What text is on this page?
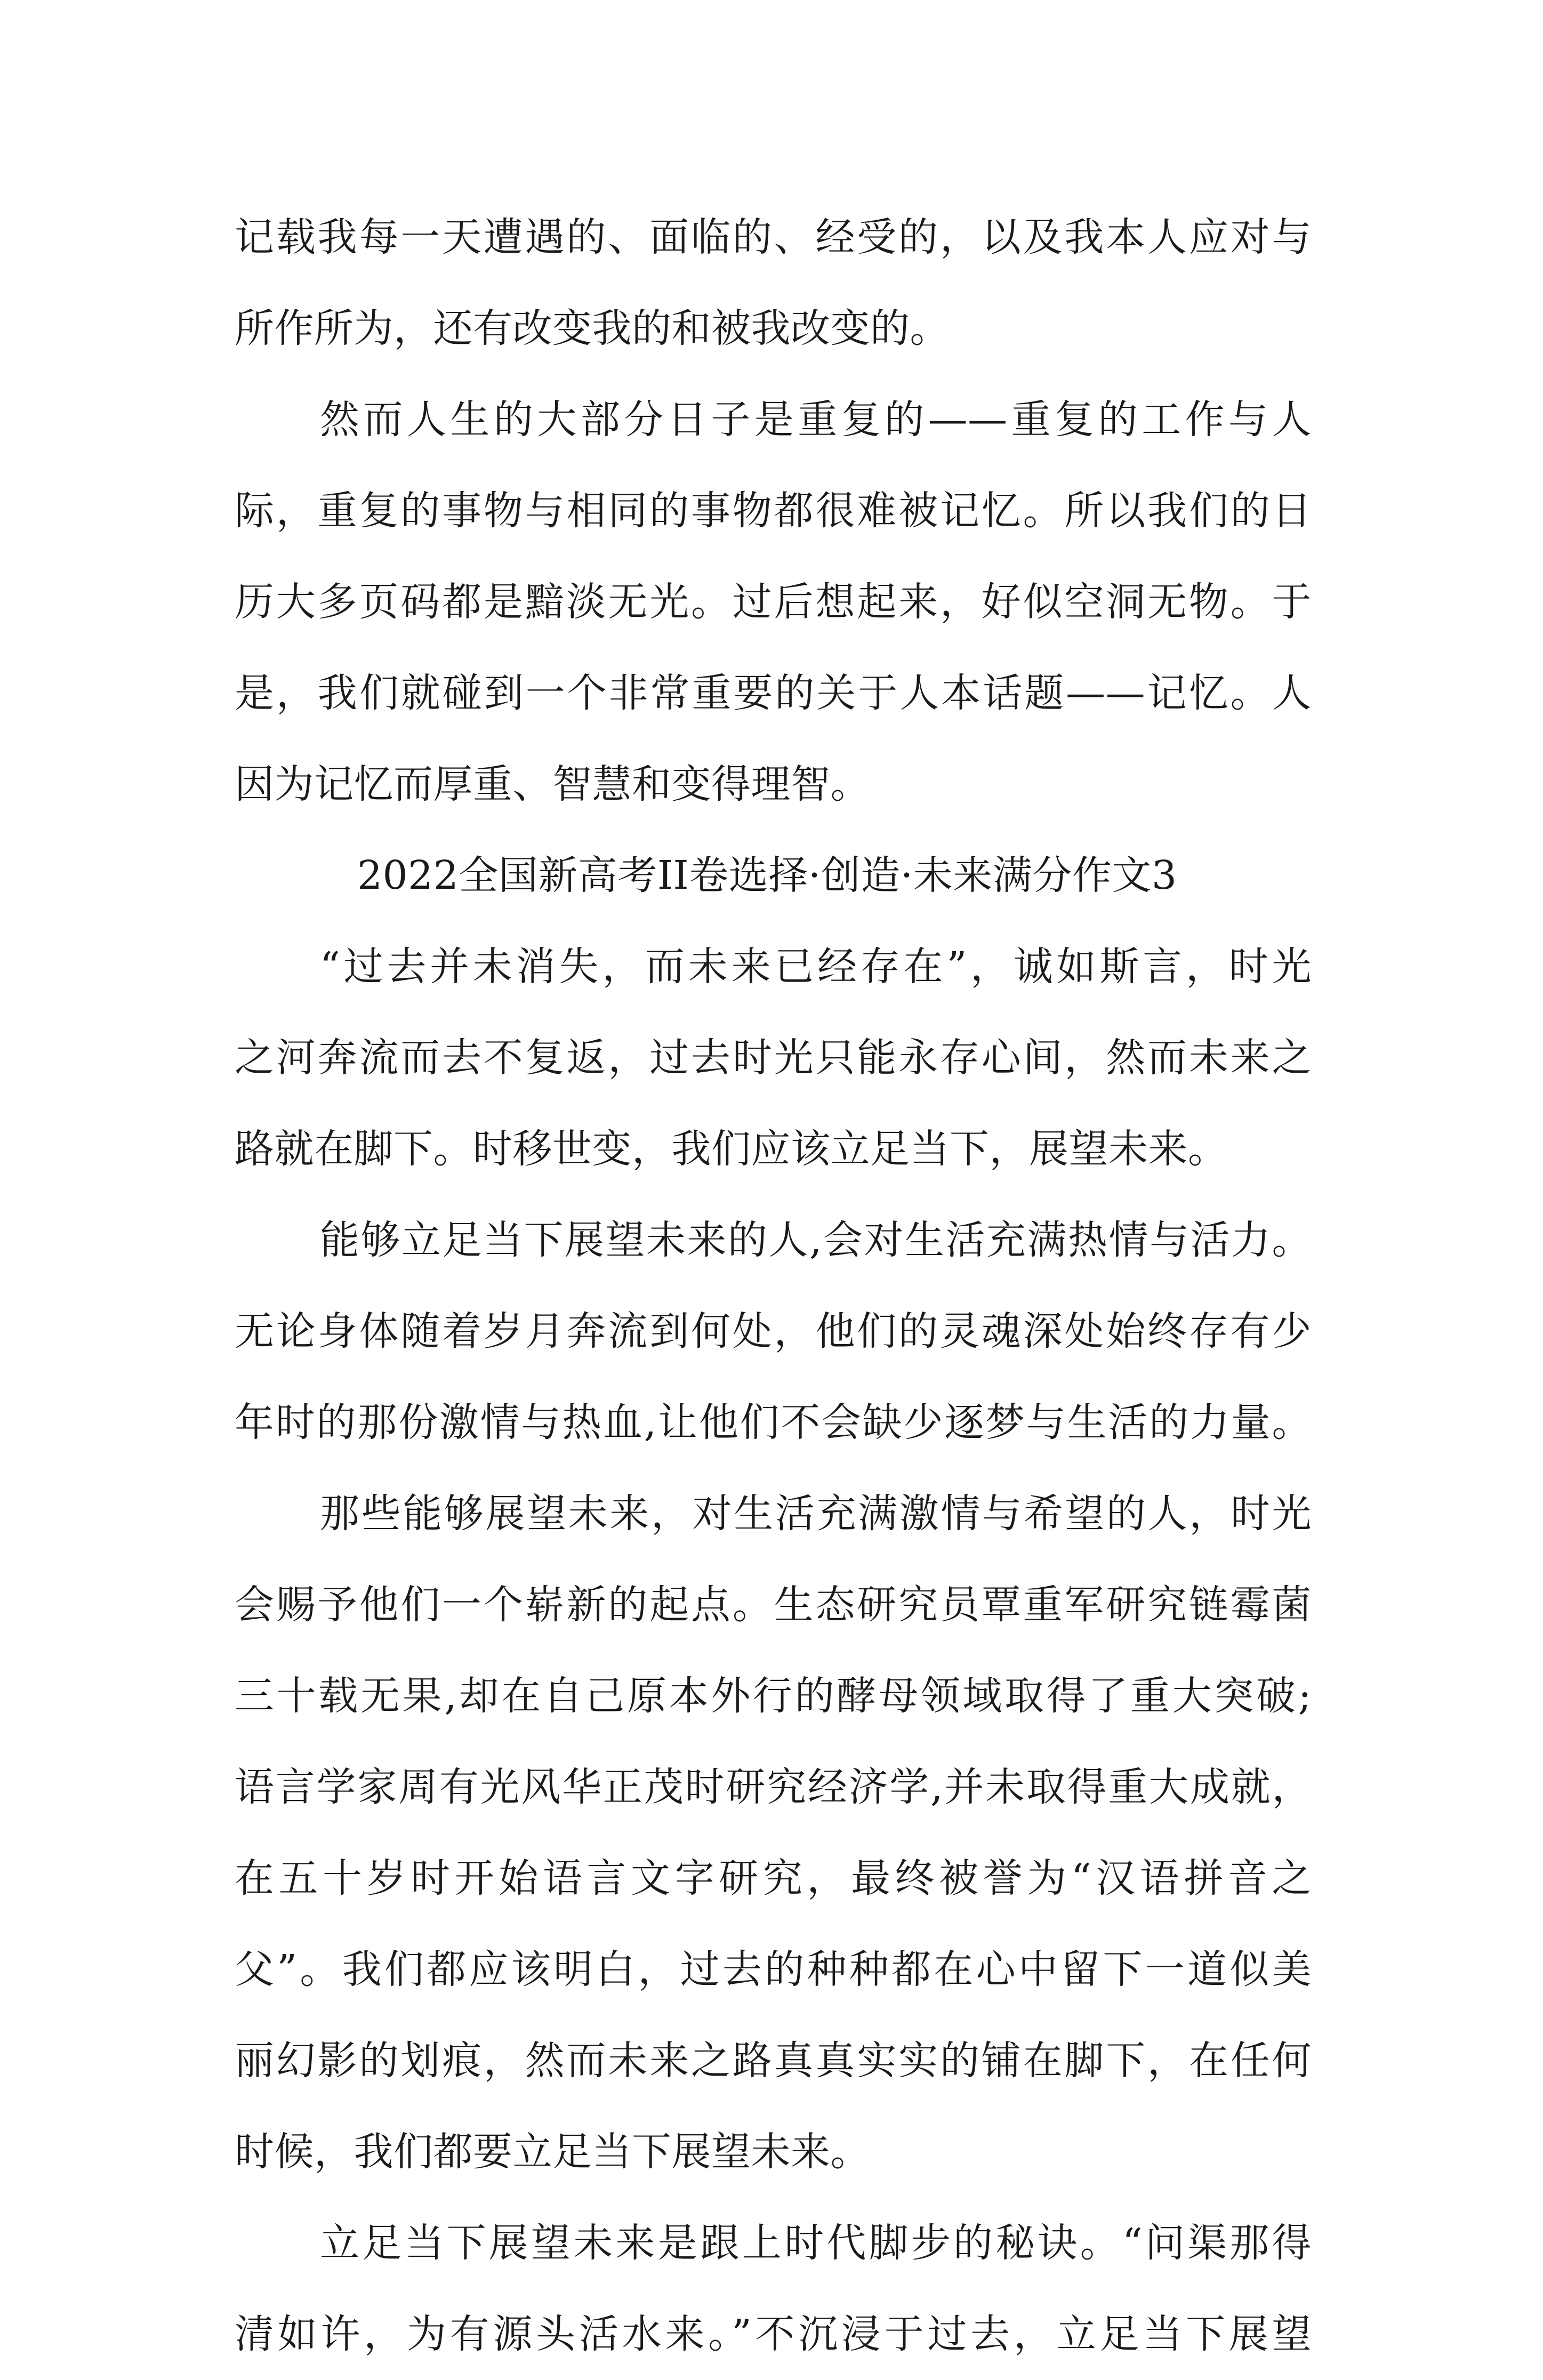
记载我每一天遭遇的、面临的、经受的，以及我本人应对与
所作所为，还有改变我的和被我改变的。
然而人生的大部分日子是重复的——重复的工作与人
际，重复的事物与相同的事物都很难被记忆。所以我们的日
历大多页码都是黯淡无光。过后想起来，好似空洞无物。于
是，我们就碰到一个非常重要的关于人本话题——记忆。人
因为记忆而厚重、智慧和变得理智。
2022全国新高考II卷选择·创造·未来满分作文3
“过去并未消失，而未来已经存在”，诚如斯言，时光
之河奔流而去不复返，过去时光只能永存心间，然而未来之
路就在脚下。时移世变，我们应该立足当下，展望未来。
能够立足当下展望未来的人,会对生活充满热情与活力。
无论身体随着岁月奔流到何处，他们的灵魂深处始终存有少
年时的那份激情与热血,让他们不会缺少逐梦与生活的力量。
那些能够展望未来，对生活充满激情与希望的人，时光
会赐予他们一个崭新的起点。生态研究员覃重军研究链霉菌
三十载无果,却在自己原本外行的酵母领域取得了重大突破;
语言学家周有光风华正茂时研究经济学,并未取得重大成就，
在五十岁时开始语言文字研究，最终被誉为“汉语拼音之
父”。我们都应该明白，过去的种种都在心中留下一道似美
丽幻影的划痕，然而未来之路真真实实的铺在脚下，在任何
时候，我们都要立足当下展望未来。
立足当下展望未来是跟上时代脚步的秘诀。“问渠那得
清如许，为有源头活水来。”不沉浸于过去，立足当下展望
